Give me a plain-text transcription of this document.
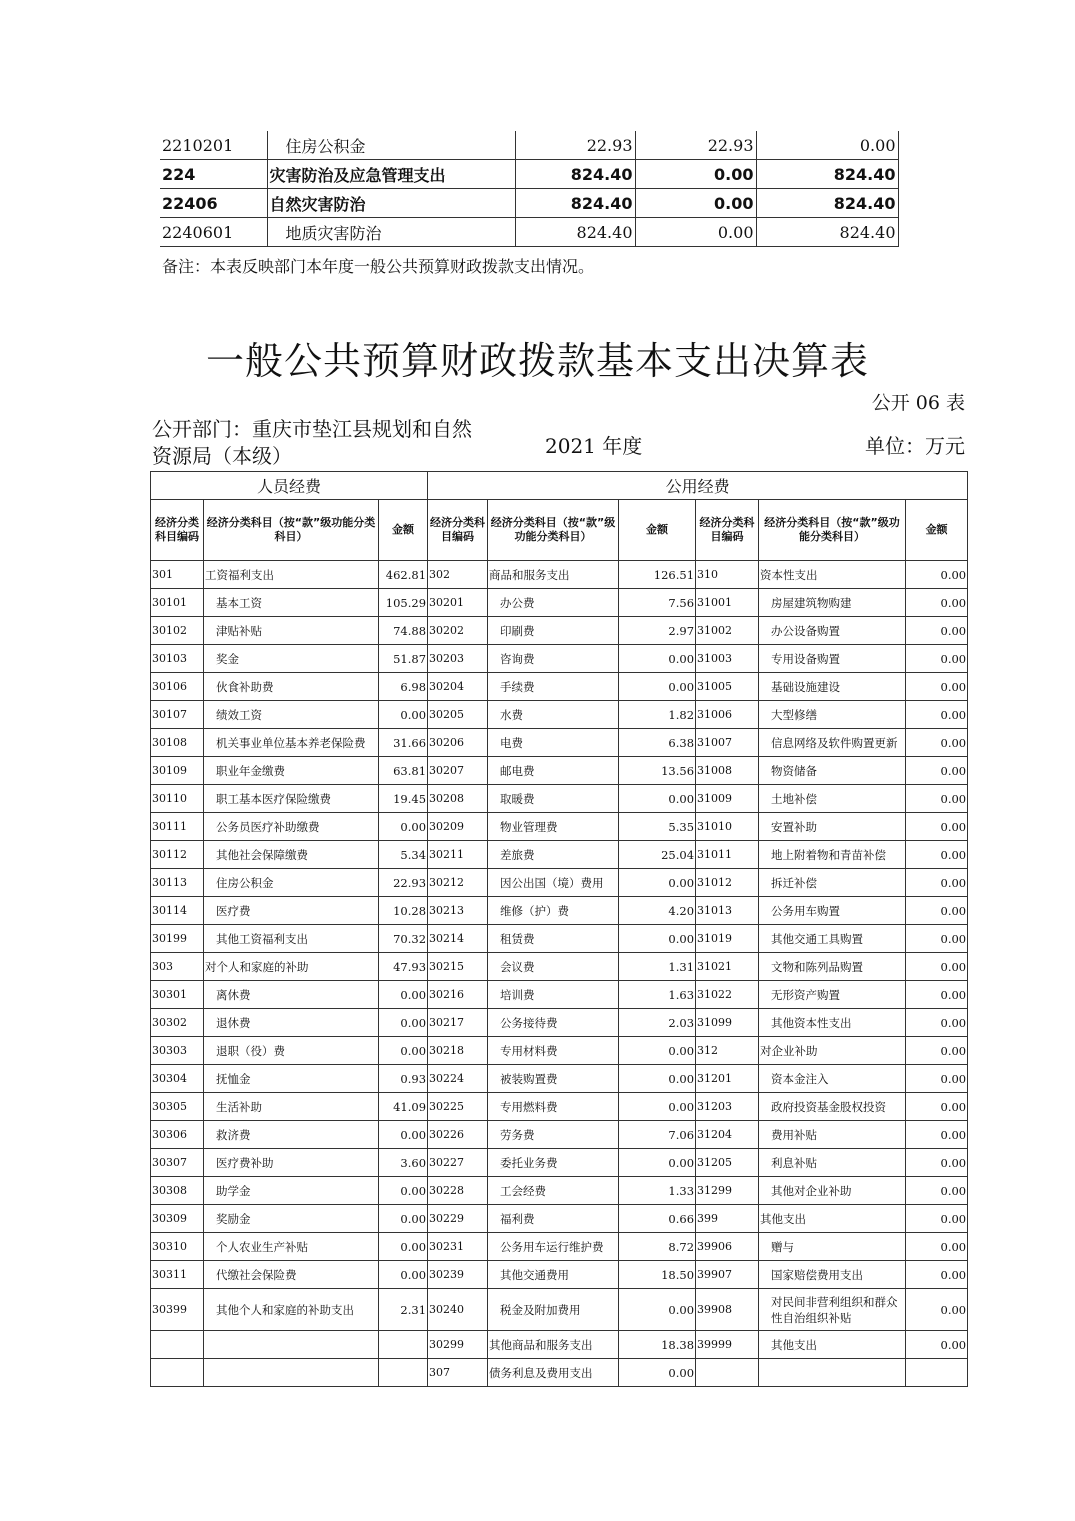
2210201	住房公积金	22.93	22.93	0.00
224	灾害防治及应急管理支出	824.40	0.00	824.40
22406	自然灾害防治	824.40	0.00	824.40
2240601	地质灾害防治	824.40	0.00	824.40
备注：本表反映部门本年度一般公共预算财政拨款支出情况。
一般公共预算财政拨款基本支出决算表
公开 06 表
公开部门：重庆市垫江县规划和自然资源局（本级）	2021 年度	单位：万元
人员经费			公用经费					
经济分类科目编码	经济分类科目（按“款”级功能分类科目）	金额	经济分类科目编码	经济分类科目（按“款”级功能分类科目）	金额	经济分类科目编码	经济分类科目（按“款”级功能分类科目）	金额
301	工资福利支出	462.81	302	商品和服务支出	126.51	310	资本性支出	0.00
30101	基本工资	105.29	30201	办公费	7.56	31001	房屋建筑物购建	0.00
30102	津贴补贴	74.88	30202	印刷费	2.97	31002	办公设备购置	0.00
30103	奖金	51.87	30203	咨询费	0.00	31003	专用设备购置	0.00
30106	伙食补助费	6.98	30204	手续费	0.00	31005	基础设施建设	0.00
30107	绩效工资	0.00	30205	水费	1.82	31006	大型修缮	0.00
30108	机关事业单位基本养老保险费	31.66	30206	电费	6.38	31007	信息网络及软件购置更新	0.00
30109	职业年金缴费	63.81	30207	邮电费	13.56	31008	物资储备	0.00
30110	职工基本医疗保险缴费	19.45	30208	取暖费	0.00	31009	土地补偿	0.00
30111	公务员医疗补助缴费	0.00	30209	物业管理费	5.35	31010	安置补助	0.00
30112	其他社会保障缴费	5.34	30211	差旅费	25.04	31011	地上附着物和青苗补偿	0.00
30113	住房公积金	22.93	30212	因公出国（境）费用	0.00	31012	拆迁补偿	0.00
30114	医疗费	10.28	30213	维修（护）费	4.20	31013	公务用车购置	0.00
30199	其他工资福利支出	70.32	30214	租赁费	0.00	31019	其他交通工具购置	0.00
303	对个人和家庭的补助	47.93	30215	会议费	1.31	31021	文物和陈列品购置	0.00
30301	离休费	0.00	30216	培训费	1.63	31022	无形资产购置	0.00
30302	退休费	0.00	30217	公务接待费	2.03	31099	其他资本性支出	0.00
30303	退职（役）费	0.00	30218	专用材料费	0.00	312	对企业补助	0.00
30304	抚恤金	0.93	30224	被装购置费	0.00	31201	资本金注入	0.00
30305	生活补助	41.09	30225	专用燃料费	0.00	31203	政府投资基金股权投资	0.00
30306	救济费	0.00	30226	劳务费	7.06	31204	费用补贴	0.00
30307	医疗费补助	3.60	30227	委托业务费	0.00	31205	利息补贴	0.00
30308	助学金	0.00	30228	工会经费	1.33	31299	其他对企业补助	0.00
30309	奖励金	0.00	30229	福利费	0.66	399	其他支出	0.00
30310	个人农业生产补贴	0.00	30231	公务用车运行维护费	8.72	39906	赠与	0.00
30311	代缴社会保险费	0.00	30239	其他交通费用	18.50	39907	国家赔偿费用支出	0.00
30399	其他个人和家庭的补助支出	2.31	30240	税金及附加费用	0.00	39908	对民间非营利组织和群众性自治组织补贴	0.00
			30299	其他商品和服务支出	18.38	39999	其他支出	0.00
			307	债务利息及费用支出	0.00			
